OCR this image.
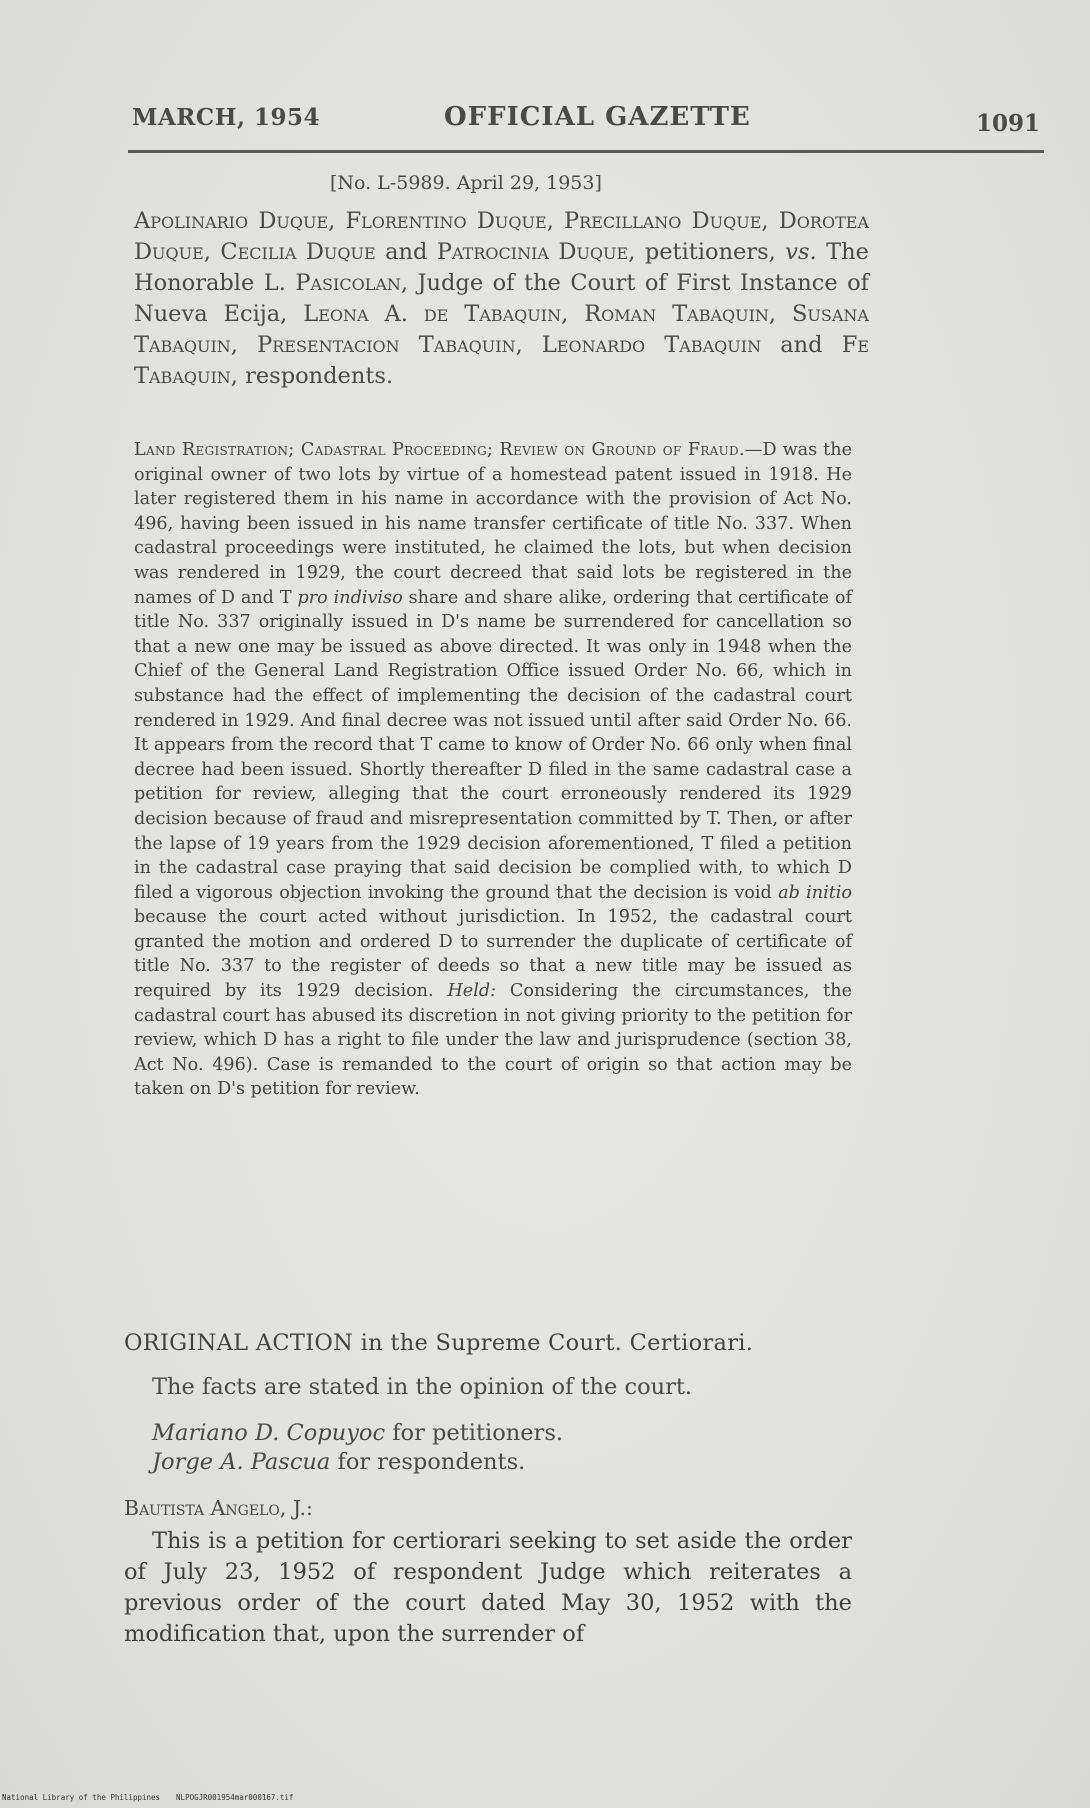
MARCH, 1954	OFFICIAL GAZETTE	1091
[No. L-5989. April 29, 1953]
Apolinario Duque, Florentino Duque, Precillano Duque, Dorotea Duque, Cecilia Duque and Patrocinia Duque, petitioners, vs. The Honorable L. Pasicolan, Judge of the Court of First Instance of Nueva Ecija, Leona A. de Tabaquin, Roman Tabaquin, Susana Tabaquin, Presentacion Tabaquin, Leonardo Tabaquin and Fe Tabaquin, respondents.
Land Registration; Cadastral Proceeding; Review on Ground of Fraud.—D was the original owner of two lots by virtue of a homestead patent issued in 1918. He later registered them in his name in accordance with the provision of Act No. 496, having been issued in his name transfer certificate of title No. 337. When cadastral proceedings were instituted, he claimed the lots, but when decision was rendered in 1929, the court decreed that said lots be registered in the names of D and T pro indiviso share and share alike, ordering that certificate of title No. 337 originally issued in D's name be surrendered for cancellation so that a new one may be issued as above directed. It was only in 1948 when the Chief of the General Land Registration Office issued Order No. 66, which in substance had the effect of implementing the decision of the cadastral court rendered in 1929. And final decree was not issued until after said Order No. 66. It appears from the record that T came to know of Order No. 66 only when final decree had been issued. Shortly thereafter D filed in the same cadastral case a petition for review, alleging that the court erroneously rendered its 1929 decision because of fraud and misrepresentation committed by T. Then, or after the lapse of 19 years from the 1929 decision aforementioned, T filed a petition in the cadastral case praying that said decision be complied with, to which D filed a vigorous objection invoking the ground that the decision is void ab initio because the court acted without jurisdiction. In 1952, the cadastral court granted the motion and ordered D to surrender the duplicate of certificate of title No. 337 to the register of deeds so that a new title may be issued as required by its 1929 decision. Held: Considering the circumstances, the cadastral court has abused its discretion in not giving priority to the petition for review, which D has a right to file under the law and jurisprudence (section 38, Act No. 496). Case is remanded to the court of origin so that action may be taken on D's petition for review.
ORIGINAL ACTION in the Supreme Court. Certiorari.
The facts are stated in the opinion of the court.
Mariano D. Copuyoc for petitioners.
Jorge A. Pascua for respondents.
Bautista Angelo, J.:
This is a petition for certiorari seeking to set aside the order of July 23, 1952 of respondent Judge which reiterates a previous order of the court dated May 30, 1952 with the modification that, upon the surrender of
National Library of the Philippines NLPOGJR001954mar000167.tif
